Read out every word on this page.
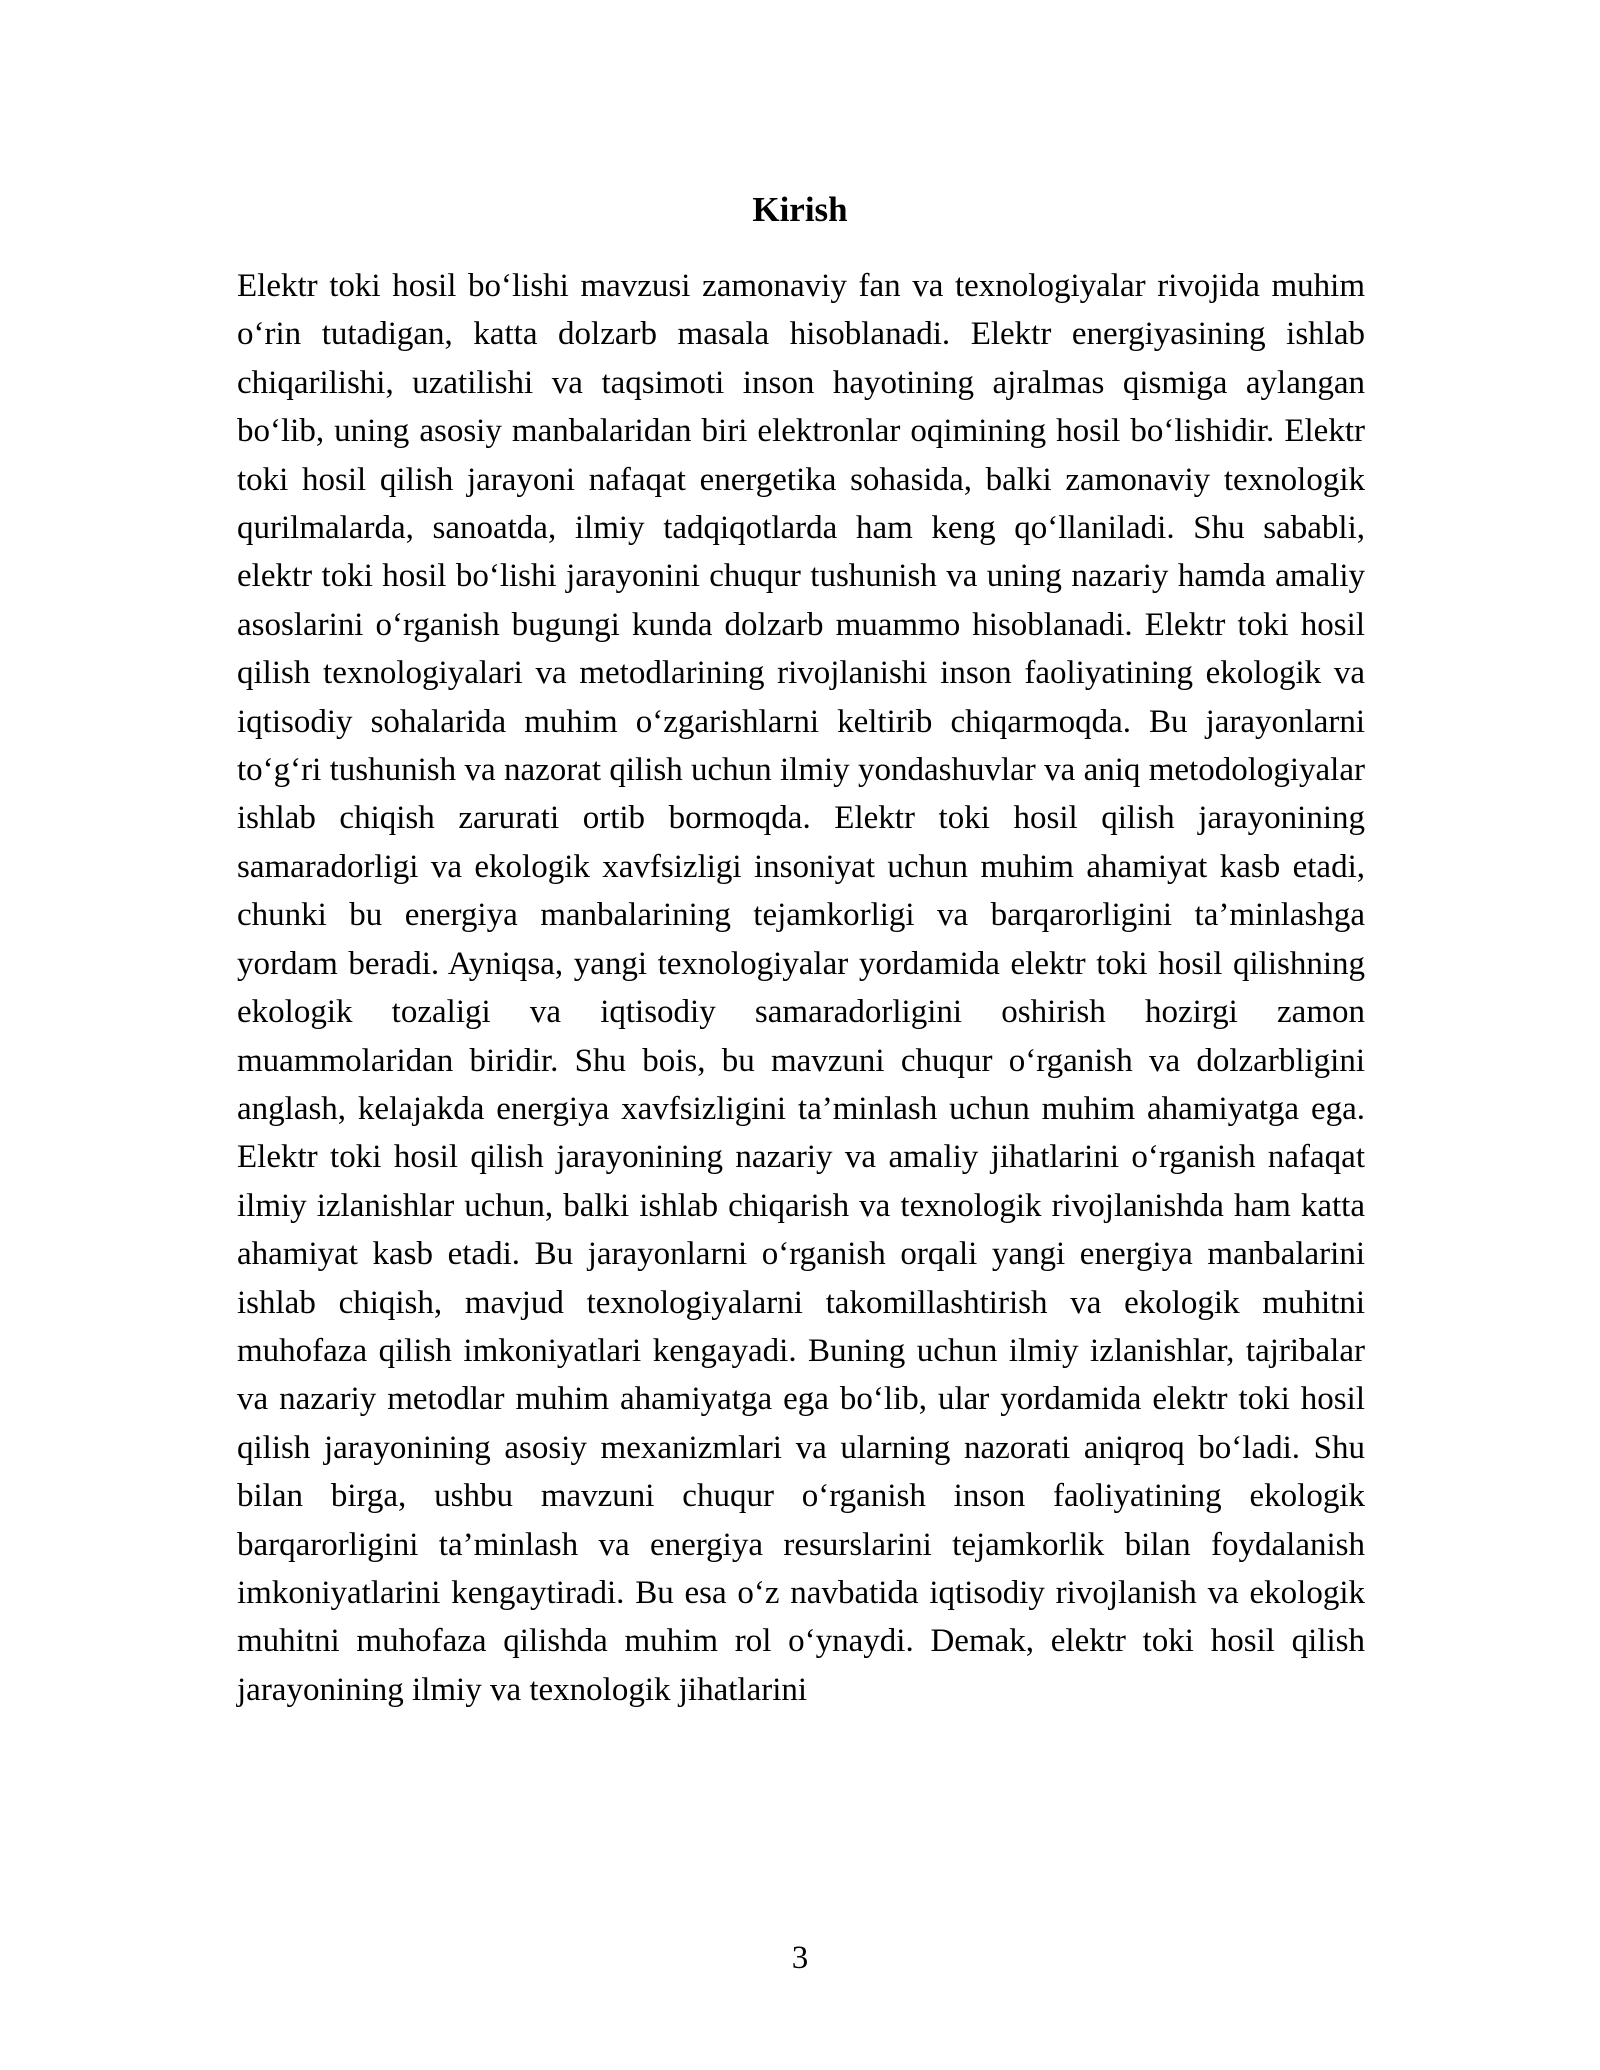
Kirish

Elektr toki hosil bo‘lishi mavzusi zamonaviy fan va texnologiyalar rivojida muhim o‘rin tutadigan, katta dolzarb masala hisoblanadi. Elektr energiyasining ishlab chiqarilishi, uzatilishi va taqsimoti inson hayotining ajralmas qismiga aylangan bo‘lib, uning asosiy manbalaridan biri elektronlar oqimining hosil bo‘lishidir. Elektr toki hosil qilish jarayoni nafaqat energetika sohasida, balki zamonaviy texnologik qurilmalarda, sanoatda, ilmiy tadqiqotlarda ham keng qo‘llaniladi. Shu sababli, elektr toki hosil bo‘lishi jarayonini chuqur tushunish va uning nazariy hamda amaliy asoslarini o‘rganish bugungi kunda dolzarb muammo hisoblanadi. Elektr toki hosil qilish texnologiyalari va metodlarining rivojlanishi inson faoliyatining ekologik va iqtisodiy sohalarida muhim o‘zgarishlarni keltirib chiqarmoqda. Bu jarayonlarni to‘g‘ri tushunish va nazorat qilish uchun ilmiy yondashuvlar va aniq metodologiyalar ishlab chiqish zarurati ortib bormoqda. Elektr toki hosil qilish jarayonining samaradorligi va ekologik xavfsizligi insoniyat uchun muhim ahamiyat kasb etadi, chunki bu energiya manbalarining tejamkorligi va barqarorligini ta’minlashga yordam beradi. Ayniqsa, yangi texnologiyalar yordamida elektr toki hosil qilishning ekologik tozaligi va iqtisodiy samaradorligini oshirish hozirgi zamon muammolaridan biridir. Shu bois, bu mavzuni chuqur o‘rganish va dolzarbligini anglash, kelajakda energiya xavfsizligini ta’minlash uchun muhim ahamiyatga ega. Elektr toki hosil qilish jarayonining nazariy va amaliy jihatlarini o‘rganish nafaqat ilmiy izlanishlar uchun, balki ishlab chiqarish va texnologik rivojlanishda ham katta ahamiyat kasb etadi. Bu jarayonlarni o‘rganish orqali yangi energiya manbalarini ishlab chiqish, mavjud texnologiyalarni takomillashtirish va ekologik muhitni muhofaza qilish imkoniyatlari kengayadi. Buning uchun ilmiy izlanishlar, tajribalar va nazariy metodlar muhim ahamiyatga ega bo‘lib, ular yordamida elektr toki hosil qilish jarayonining asosiy mexanizmlari va ularning nazorati aniqroq bo‘ladi. Shu bilan birga, ushbu mavzuni chuqur o‘rganish inson faoliyatining ekologik barqarorligini ta’minlash va energiya resurslarini tejamkorlik bilan foydalanish imkoniyatlarini kengaytiradi. Bu esa o‘z navbatida iqtisodiy rivojlanish va ekologik muhitni muhofaza qilishda muhim rol o‘ynaydi. Demak, elektr toki hosil qilish jarayonining ilmiy va texnologik jihatlarini

3
